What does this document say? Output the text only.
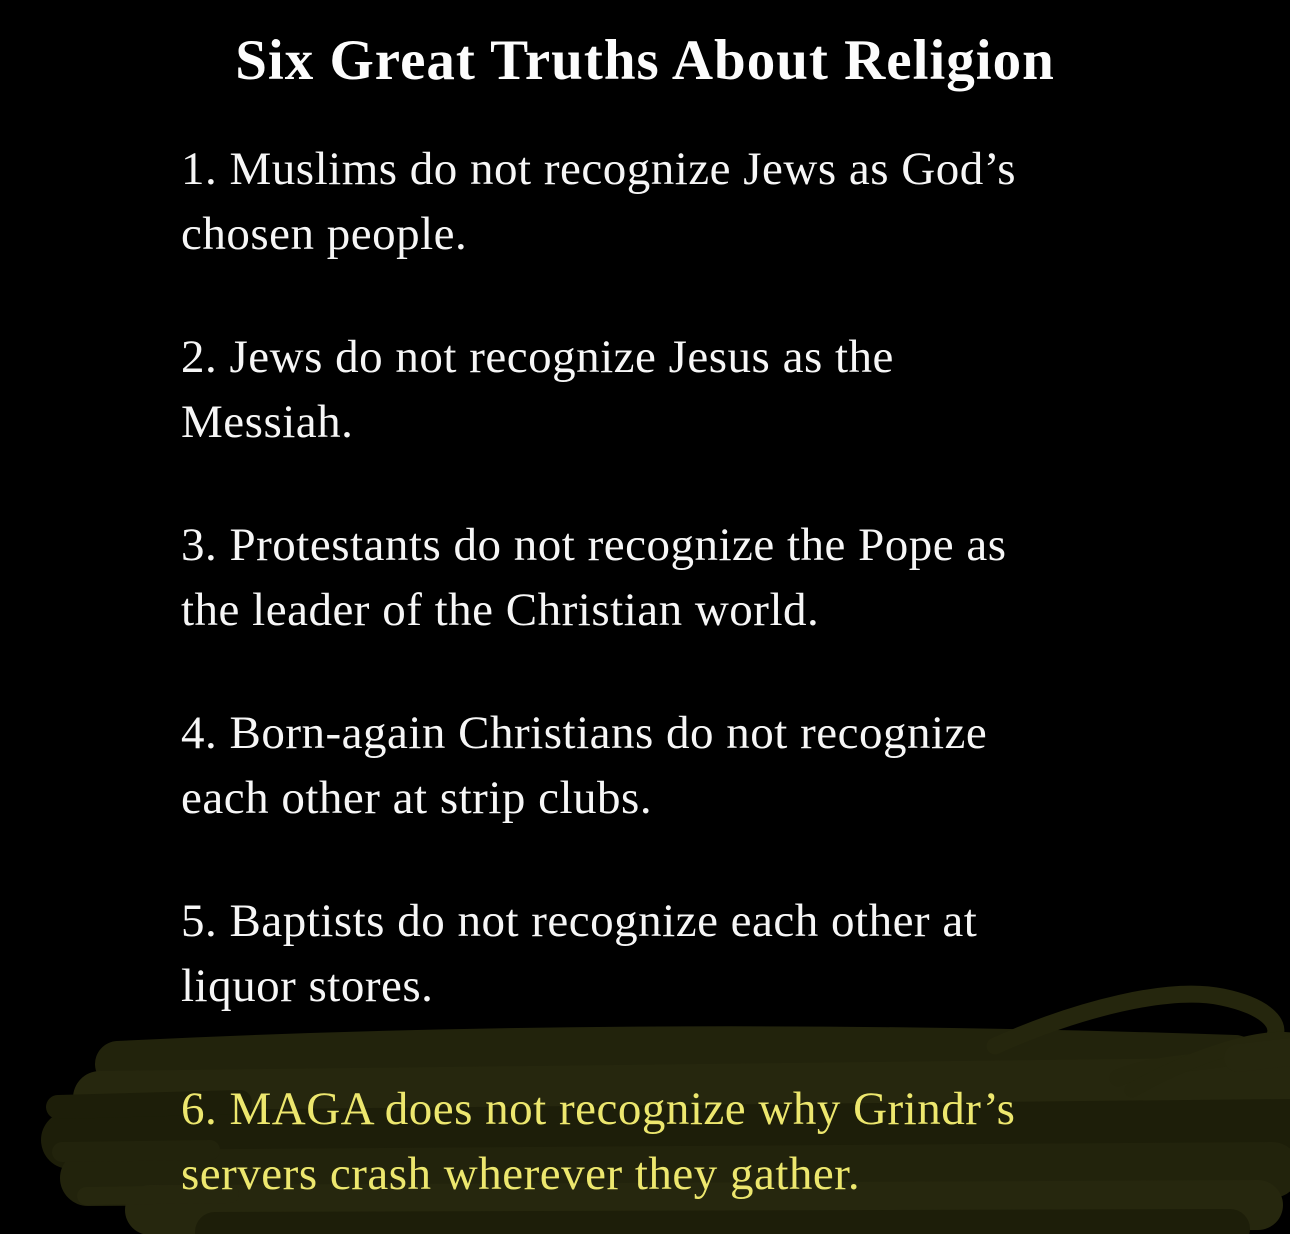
Six Great Truths About Religion
1. Muslims do not recognize Jews as God’s
chosen people.
2. Jews do not recognize Jesus as the
Messiah.
3. Protestants do not recognize the Pope as
the leader of the Christian world.
4. Born-again Christians do not recognize
each other at strip clubs.
5. Baptists do not recognize each other at
liquor stores.
6. MAGA does not recognize why Grindr’s
servers crash wherever they gather.
